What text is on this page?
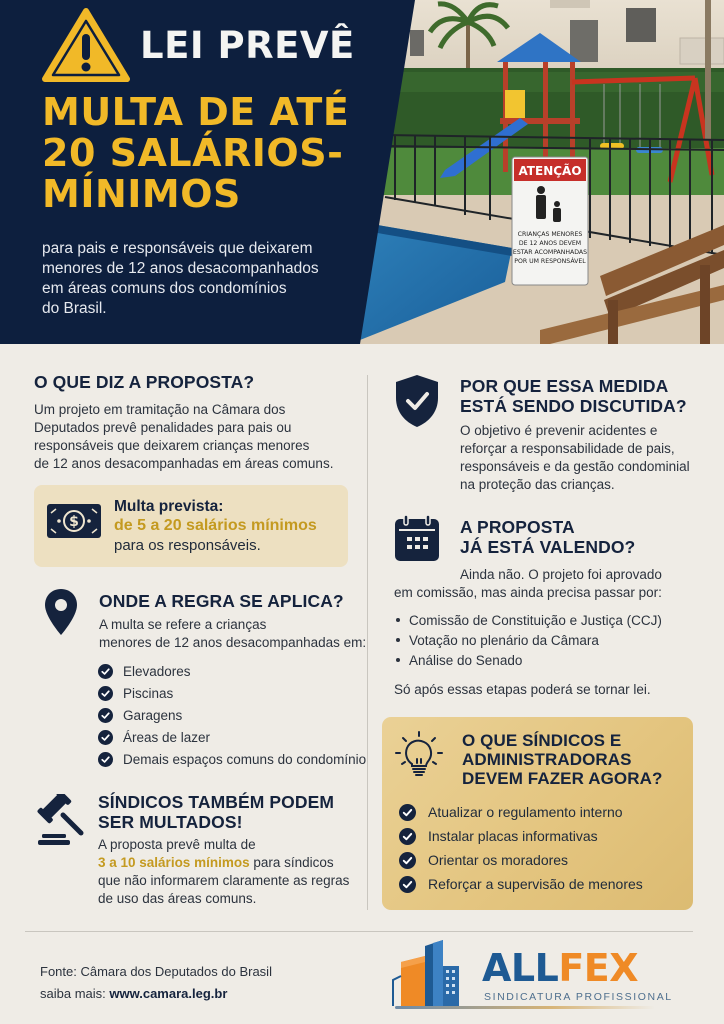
ATENÇÃO
CRIANÇAS MENORES
DE 12 ANOS DEVEM
ESTAR ACOMPANHADAS
POR UM RESPONSÁVEL
LEI PREVÊ
MULTA DE ATÉ
20 SALÁRIOS-
MÍNIMOS
para pais e responsáveis que deixarem
menores de 12 anos desacompanhados
em áreas comuns dos condomínios
do Brasil.
O QUE DIZ A PROPOSTA?
Um projeto em tramitação na Câmara dos
Deputados prevê penalidades para pais ou
responsáveis que deixarem crianças menores
de 12 anos desacompanhadas em áreas comuns.
$
Multa prevista:
de 5 a 20 salários mínimos
para os responsáveis.
ONDE A REGRA SE APLICA?
A multa se refere a crianças
menores de 12 anos desacompanhadas em:
Elevadores
Piscinas
Garagens
Áreas de lazer
Demais espaços comuns do condomínio
SÍNDICOS TAMBÉM PODEM
SER MULTADOS!
A proposta prevê multa de
3 a 10 salários mínimos para síndicos
que não informarem claramente as regras
de uso das áreas comuns.
POR QUE ESSA MEDIDA
ESTÁ SENDO DISCUTIDA?
O objetivo é prevenir acidentes e
reforçar a responsabilidade de pais,
responsáveis e da gestão condominial
na proteção das crianças.
A PROPOSTA
JÁ ESTÁ VALENDO?
Ainda não. O projeto foi aprovado
em comissão, mas ainda precisa passar por:
Comissão de Constituição e Justiça (CCJ)
Votação no plenário da Câmara
Análise do Senado
Só após essas etapas poderá se tornar lei.
O QUE SÍNDICOS E
ADMINISTRADORAS
DEVEM FAZER AGORA?
Atualizar o regulamento interno
Instalar placas informativas
Orientar os moradores
Reforçar a supervisão de menores
Fonte: Câmara dos Deputados do Brasil
saiba mais: www.camara.leg.br
ALLFEX
SINDICATURA PROFISSIONAL
